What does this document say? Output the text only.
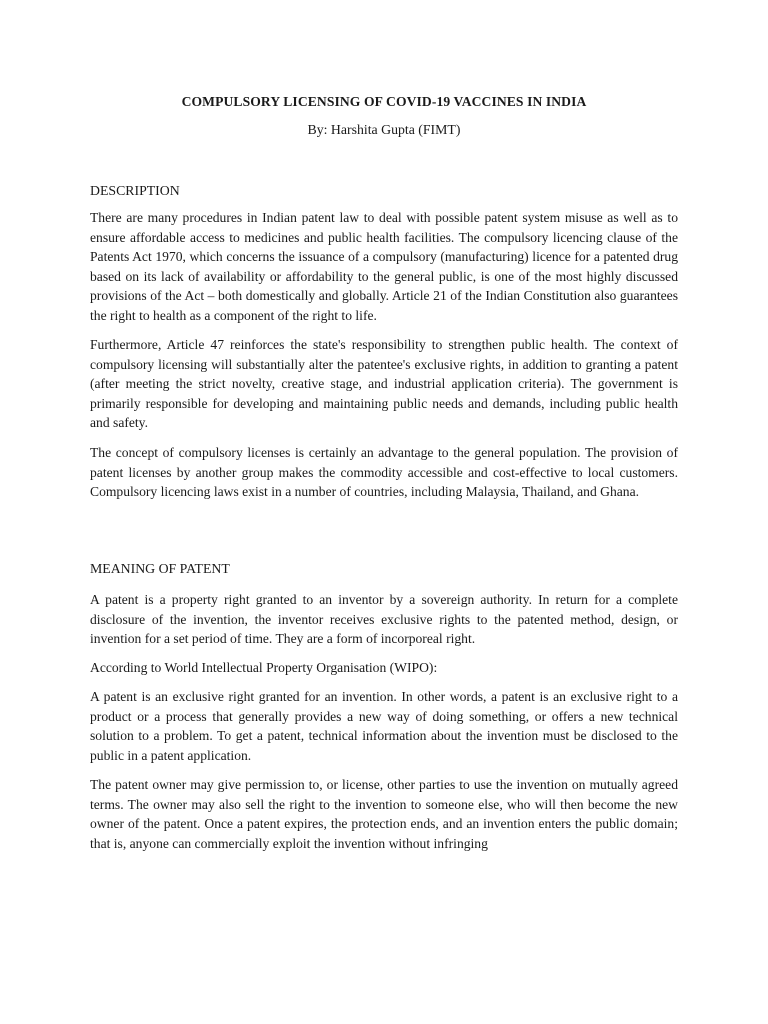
COMPULSORY LICENSING OF COVID-19 VACCINES IN INDIA
By: Harshita Gupta (FIMT)
DESCRIPTION
There are many procedures in Indian patent law to deal with possible patent system misuse as well as to ensure affordable access to medicines and public health facilities. The compulsory licencing clause of the Patents Act 1970, which concerns the issuance of a compulsory (manufacturing) licence for a patented drug based on its lack of availability or affordability to the general public, is one of the most highly discussed provisions of the Act – both domestically and globally. Article 21 of the Indian Constitution also guarantees the right to health as a component of the right to life.
Furthermore, Article 47 reinforces the state's responsibility to strengthen public health. The context of compulsory licensing will substantially alter the patentee's exclusive rights, in addition to granting a patent (after meeting the strict novelty, creative stage, and industrial application criteria). The government is primarily responsible for developing and maintaining public needs and demands, including public health and safety.
The concept of compulsory licenses is certainly an advantage to the general population. The provision of patent licenses by another group makes the commodity accessible and cost-effective to local customers. Compulsory licencing laws exist in a number of countries, including Malaysia, Thailand, and Ghana.
MEANING OF PATENT
A patent is a property right granted to an inventor by a sovereign authority. In return for a complete disclosure of the invention, the inventor receives exclusive rights to the patented method, design, or invention for a set period of time. They are a form of incorporeal right.
According to World Intellectual Property Organisation (WIPO):
A patent is an exclusive right granted for an invention. In other words, a patent is an exclusive right to a product or a process that generally provides a new way of doing something, or offers a new technical solution to a problem. To get a patent, technical information about the invention must be disclosed to the public in a patent application.
The patent owner may give permission to, or license, other parties to use the invention on mutually agreed terms. The owner may also sell the right to the invention to someone else, who will then become the new owner of the patent. Once a patent expires, the protection ends, and an invention enters the public domain; that is, anyone can commercially exploit the invention without infringing
